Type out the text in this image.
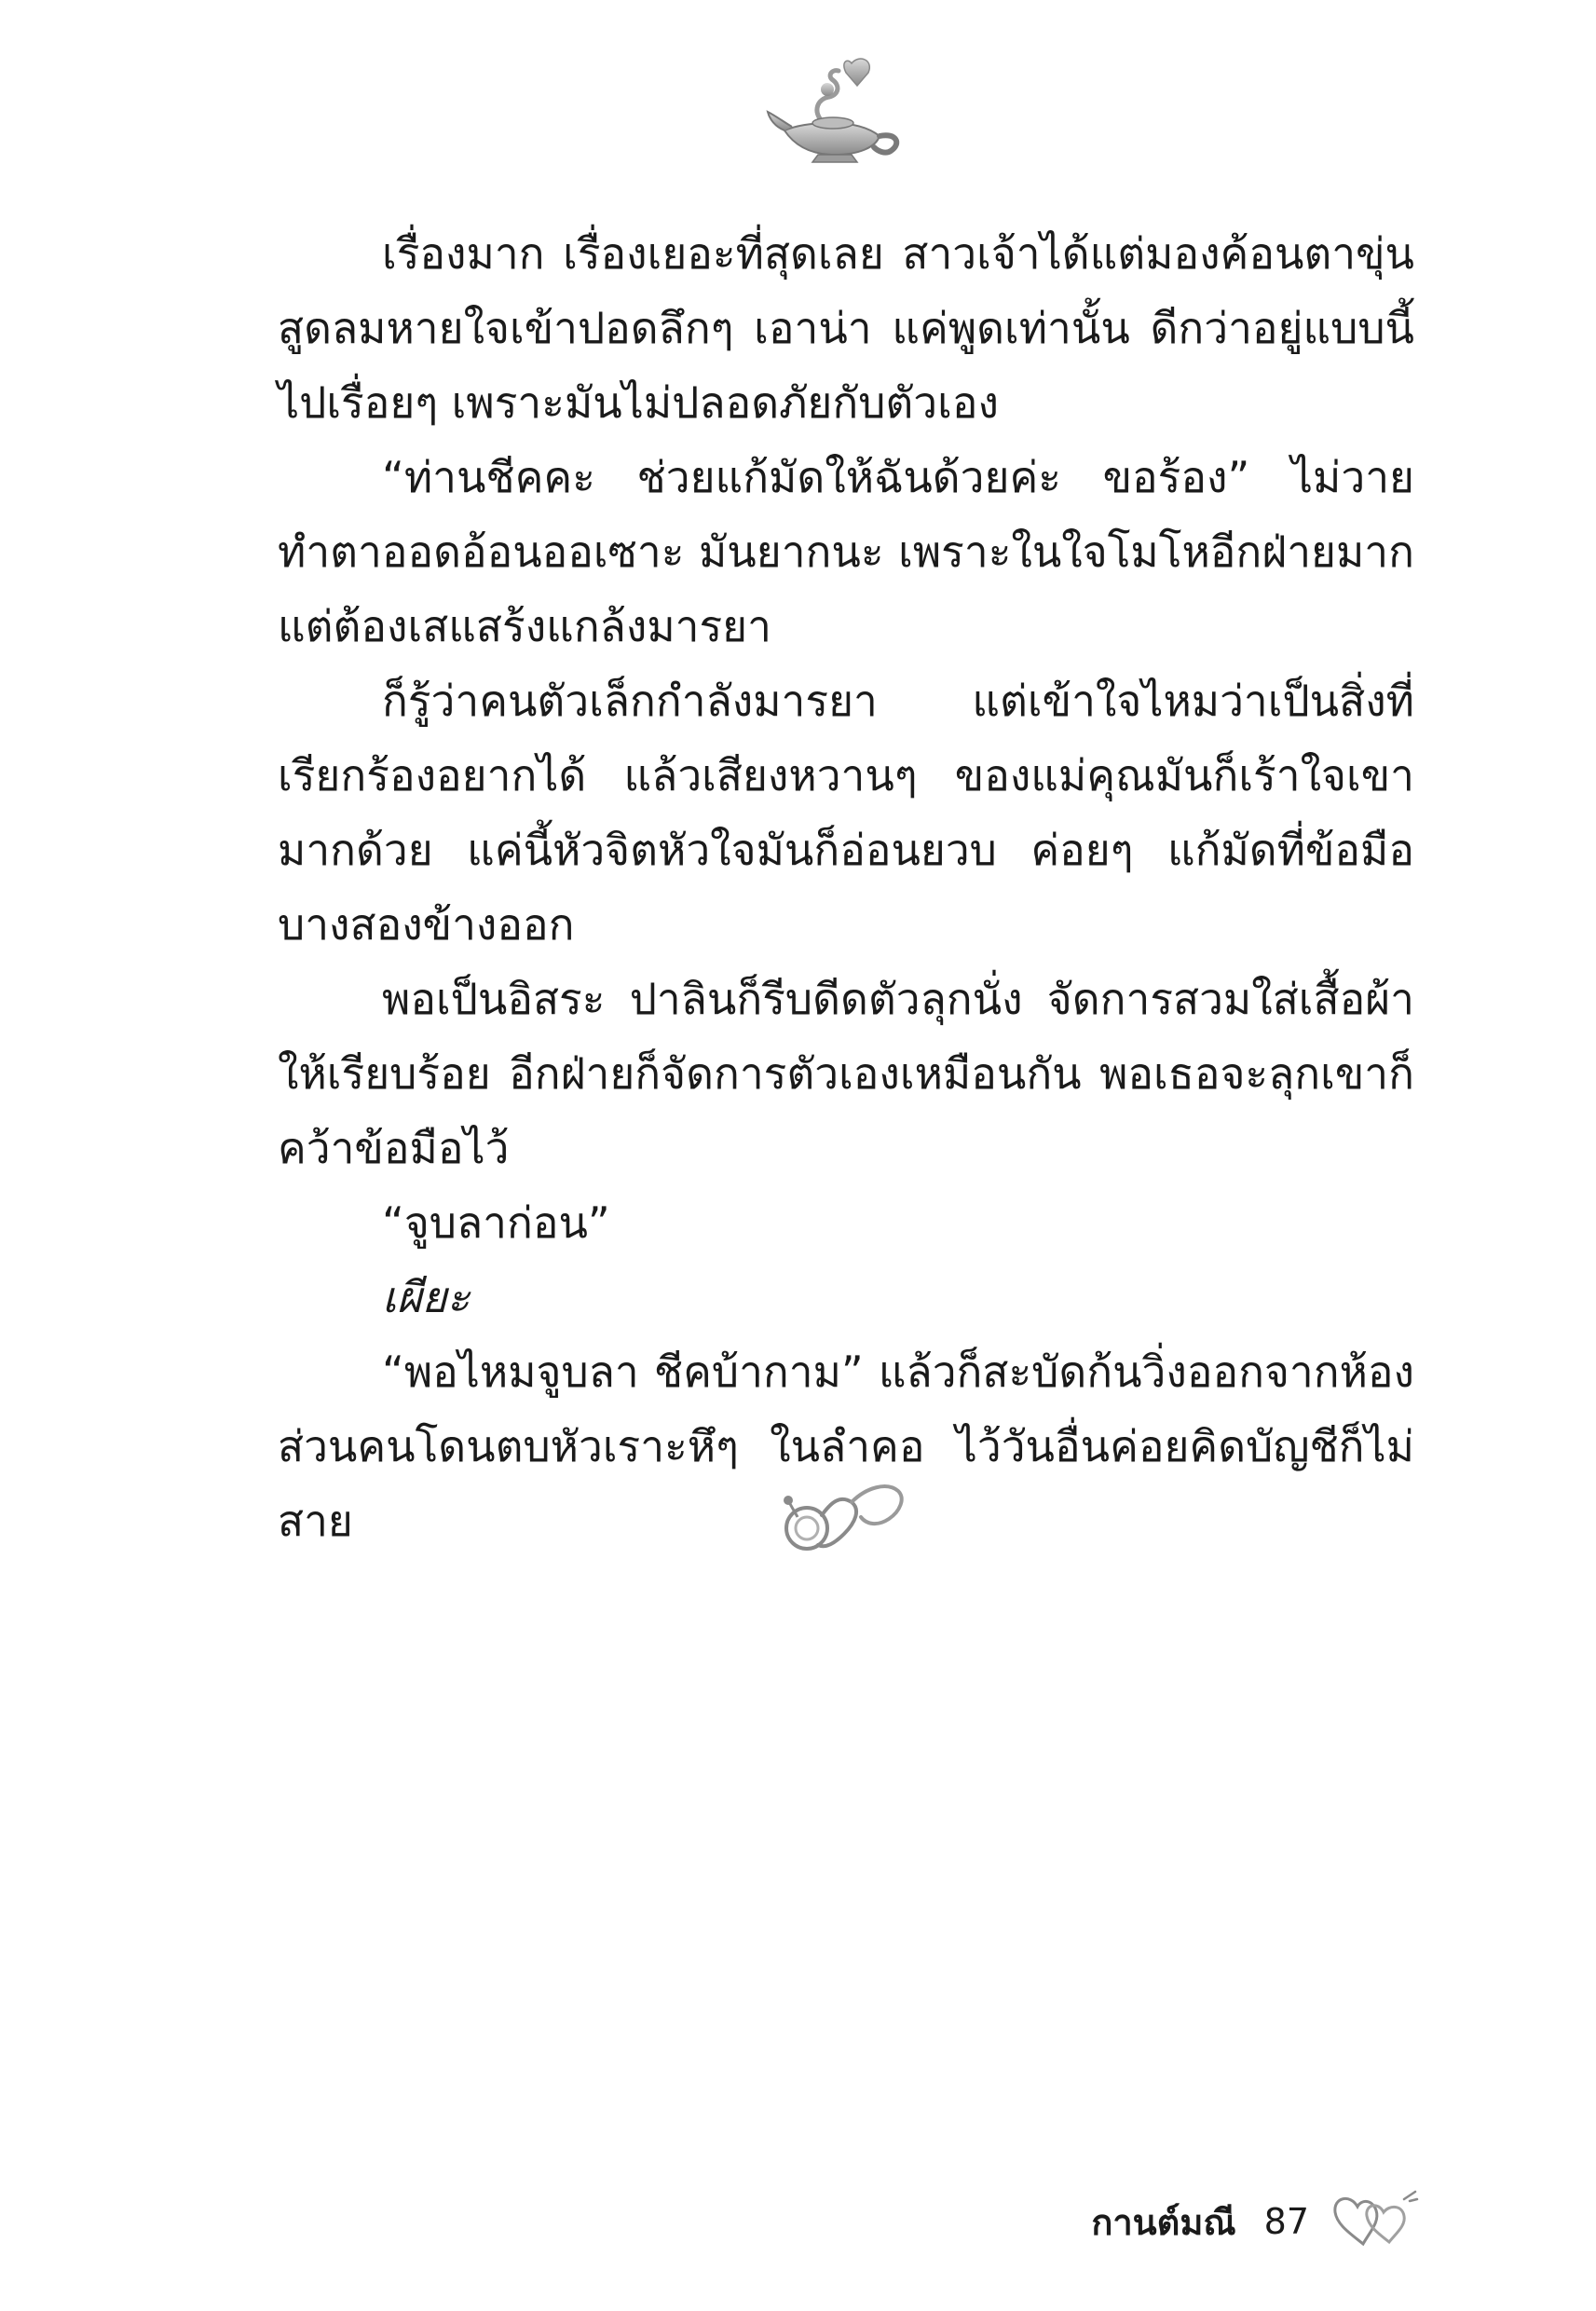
เรื่องมาก เรื่องเยอะที่สุดเลย สาวเจ้าได้แต่มองค้อนตาขุ่น สูดลมหายใจเข้าปอดลึกๆ เอาน่า แค่พูดเท่านั้น ดีกว่าอยู่แบบนี้ไปเรื่อยๆ เพราะมันไม่ปลอดภัยกับตัวเอง

“ท่านชีคคะ ช่วยแก้มัดให้ฉันด้วยค่ะ ขอร้อง” ไม่วายทำตาออดอ้อนออเซาะ มันยากนะ เพราะในใจโมโหอีกฝ่ายมาก แต่ต้องเสแสร้งแกล้งมารยา

ก็รู้ว่าคนตัวเล็กกำลังมารยา แต่เข้าใจไหมว่าเป็นสิ่งที่เรียกร้องอยากได้ แล้วเสียงหวานๆ ของแม่คุณมันก็เร้าใจเขามากด้วย แค่นี้หัวจิตหัวใจมันก็อ่อนยวบ ค่อยๆ แก้มัดที่ข้อมือบางสองข้างออก

พอเป็นอิสระ ปาลินก็รีบดีดตัวลุกนั่ง จัดการสวมใส่เสื้อผ้าให้เรียบร้อย อีกฝ่ายก็จัดการตัวเองเหมือนกัน พอเธอจะลุกเขาก็คว้าข้อมือไว้

“จูบลาก่อน”

เผียะ

“พอไหมจูบลา ชีคบ้ากาม” แล้วก็สะบัดก้นวิ่งออกจากห้อง ส่วนคนโดนตบหัวเราะหึๆ ในลำคอ ไว้วันอื่นค่อยคิดบัญชีก็ไม่สาย

กานต์มณี 87
